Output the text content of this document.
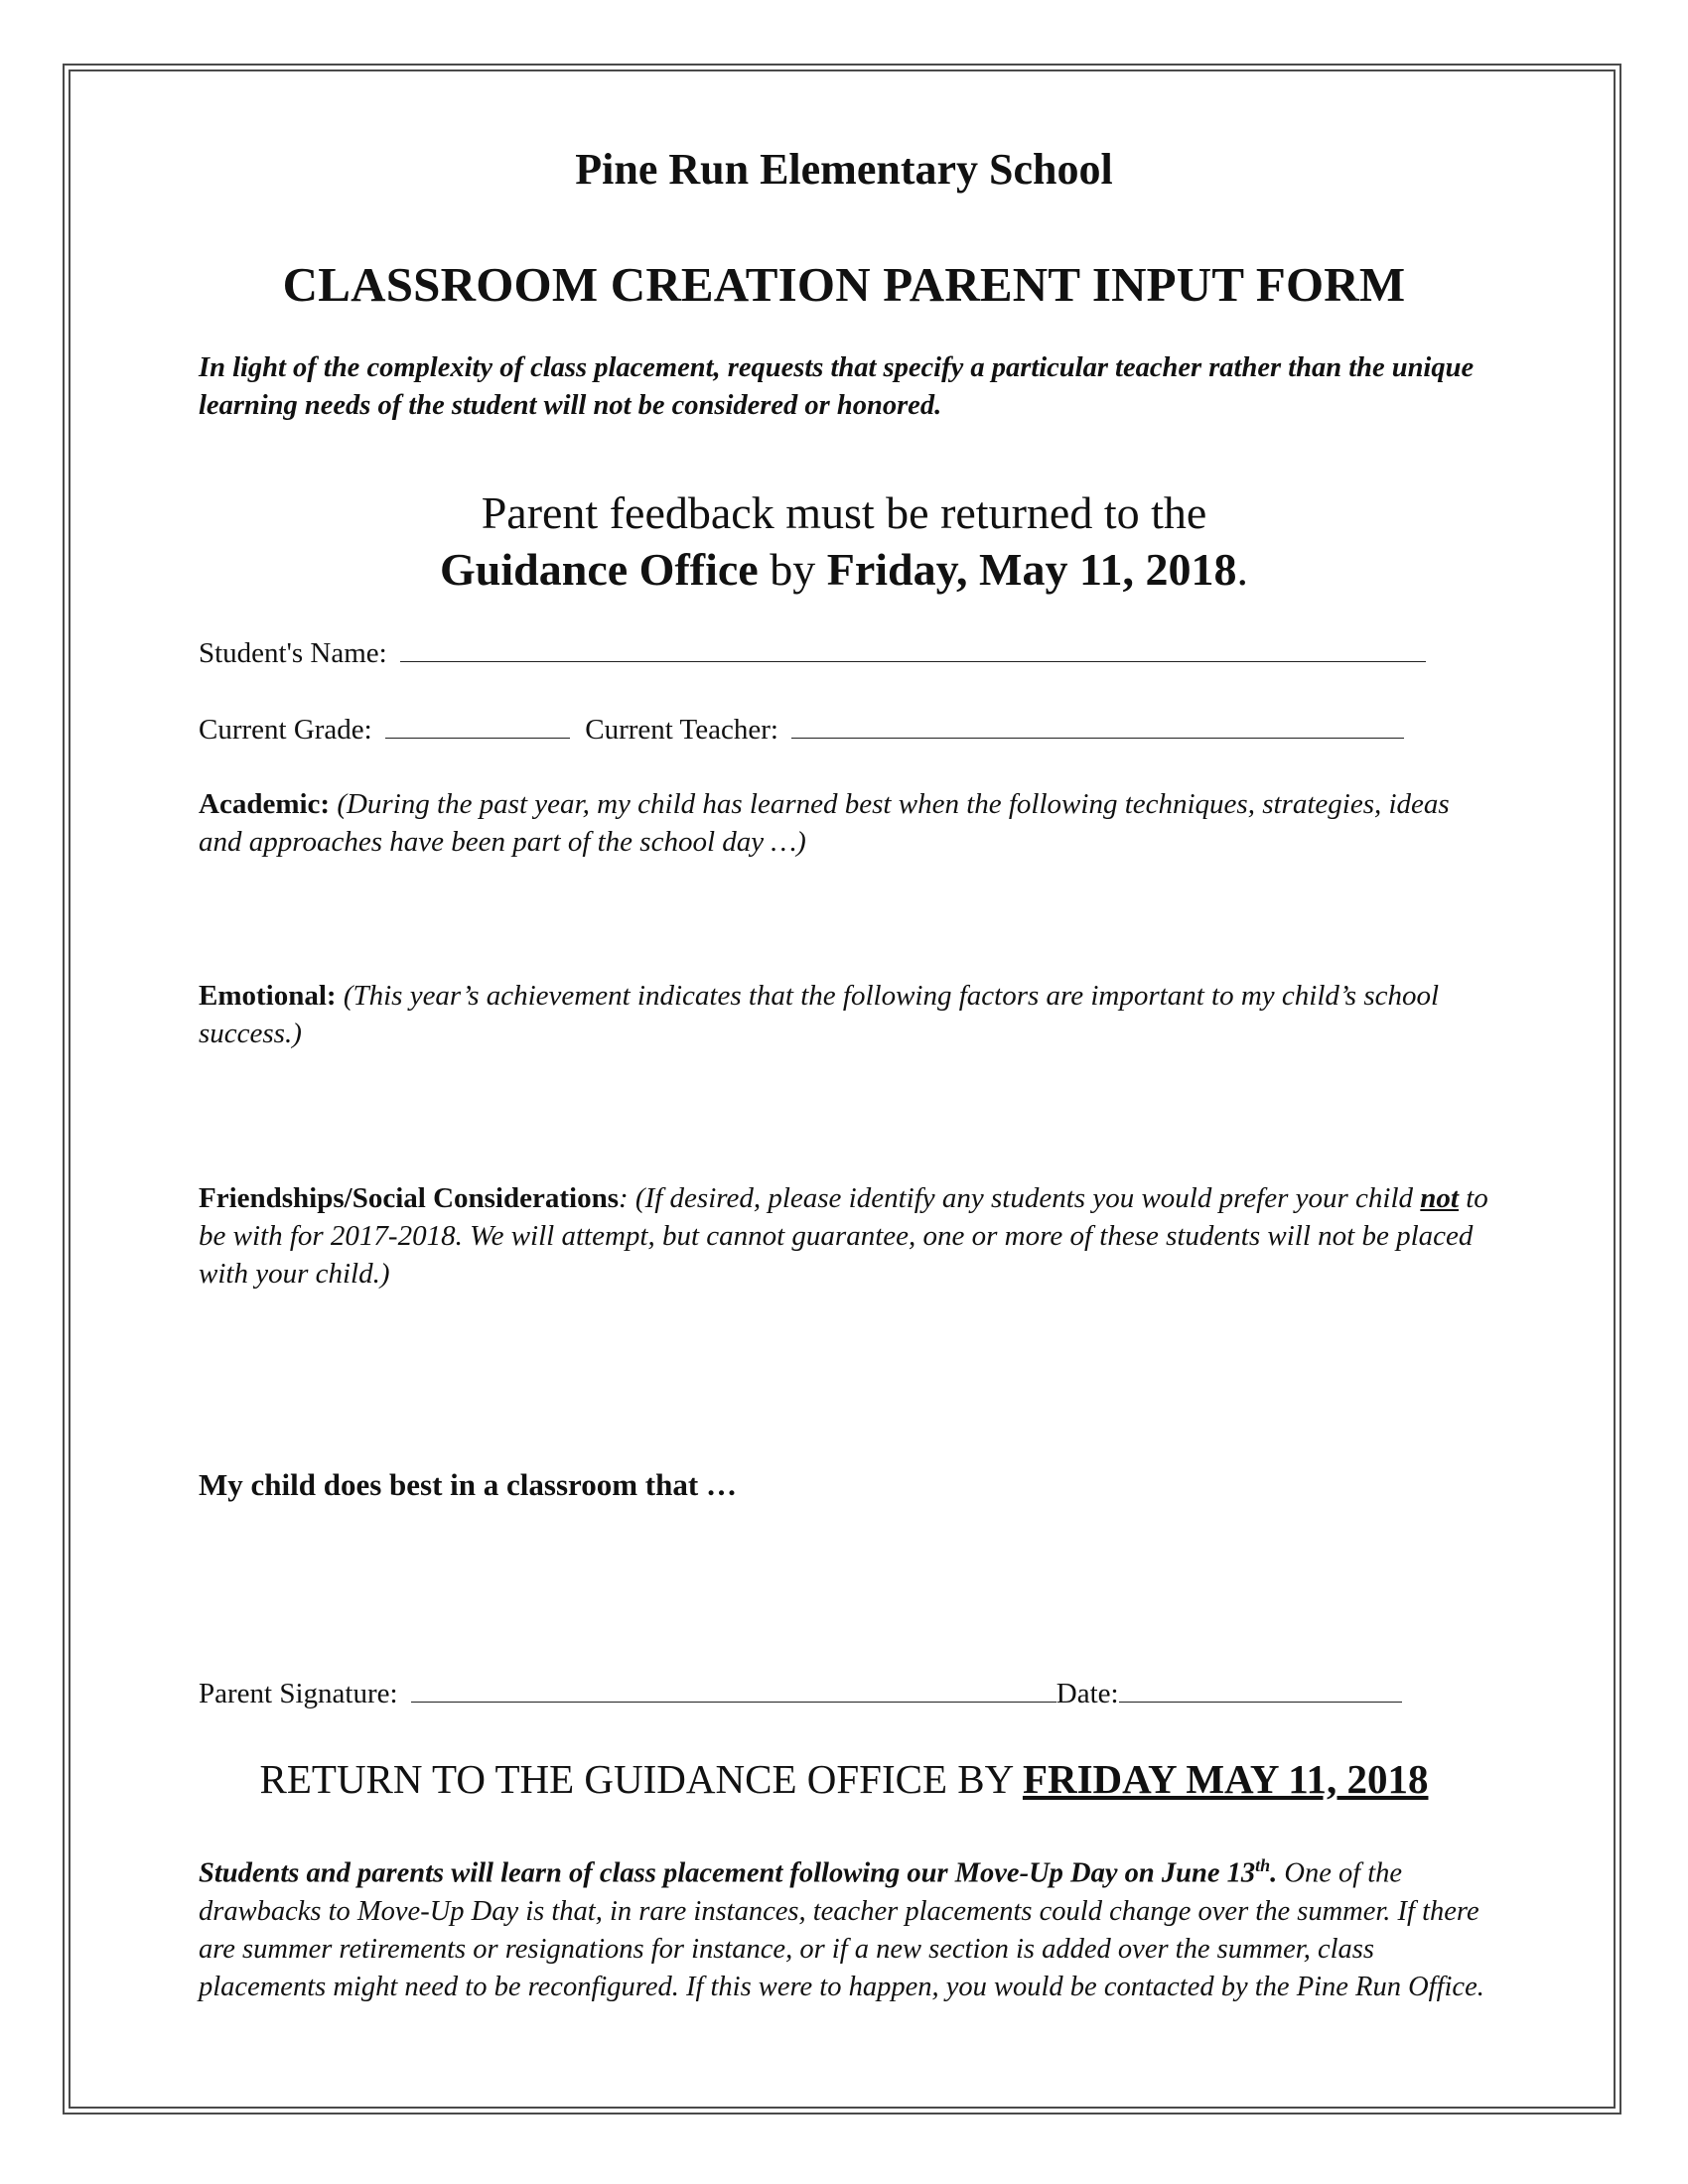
Pine Run Elementary School
CLASSROOM CREATION PARENT INPUT FORM
In light of the complexity of class placement, requests that specify a particular teacher rather than the unique learning needs of the student will not be considered or honored.
Parent feedback must be returned to the
Guidance Office by Friday, May 11, 2018.
Student's Name:
Current Grade:	Current Teacher:
Academic: (During the past year, my child has learned best when the following techniques, strategies, ideas and approaches have been part of the school day …)
Emotional: (This year’s achievement indicates that the following factors are important to my child’s school success.)
Friendships/Social Considerations: (If desired, please identify any students you would prefer your child not to be with for 2017-2018. We will attempt, but cannot guarantee, one or more of these students will not be placed with your child.)
My child does best in a classroom that …
Parent Signature:	Date:
RETURN TO THE GUIDANCE OFFICE BY FRIDAY MAY 11, 2018
Students and parents will learn of class placement following our Move-Up Day on June 13th. One of the drawbacks to Move-Up Day is that, in rare instances, teacher placements could change over the summer. If there are summer retirements or resignations for instance, or if a new section is added over the summer, class placements might need to be reconfigured. If this were to happen, you would be contacted by the Pine Run Office.
